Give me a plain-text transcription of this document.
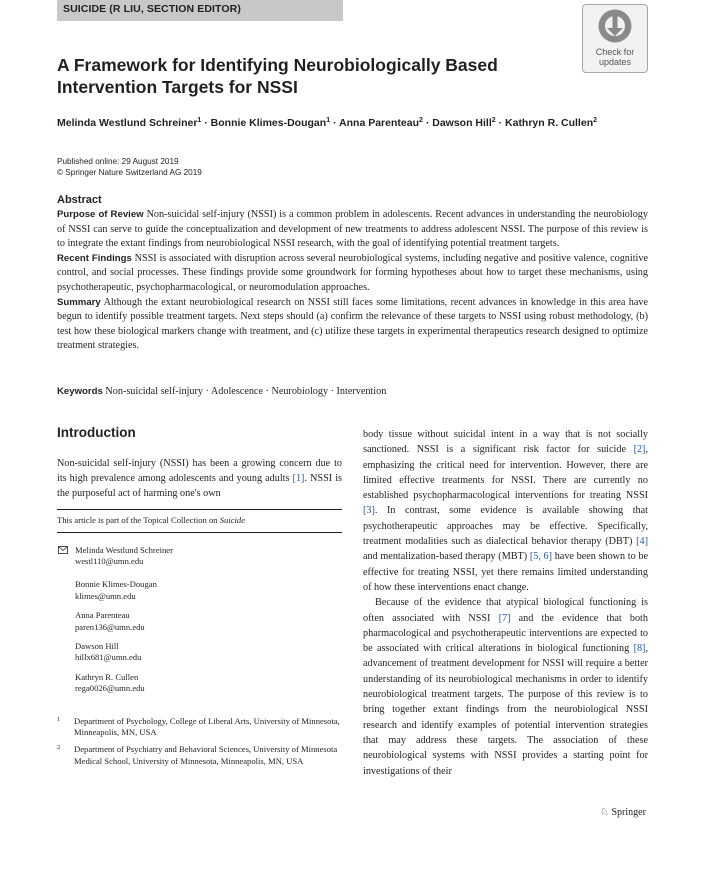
SUICIDE (R LIU, SECTION EDITOR)
Check for
updates
A Framework for Identifying Neurobiologically Based Intervention Targets for NSSI
Melinda Westlund Schreiner$^1$ · Bonnie Klimes-Dougan$^1$ · Anna Parenteau$^2$ · Dawson Hill$^2$ · Kathryn R. Cullen$^2$
Published online: 29 August 2019
© Springer Nature Switzerland AG 2019
Abstract
Purpose of Review Non-suicidal self-injury (NSSI) is a common problem in adolescents. Recent advances in understanding the neurobiology of NSSI can serve to guide the conceptualization and development of new treatments to address adolescent NSSI. The purpose of this review is to integrate the extant findings from neurobiological NSSI research, with the goal of identifying potential treatment targets.
Recent Findings NSSI is associated with disruption across several neurobiological systems, including negative and positive valence, cognitive control, and social processes. These findings provide some groundwork for forming hypotheses about how to target these mechanisms, using psychotherapeutic, psychopharmacological, or neuromodulation approaches.
Summary Although the extant neurobiological research on NSSI still faces some limitations, recent advances in knowledge in this area have begun to identify possible treatment targets. Next steps should (a) confirm the relevance of these targets to NSSI using robust methodology, (b) test how these biological markers change with treatment, and (c) utilize these targets in experimental therapeutics research designed to optimize treatment strategies.
Keywords Non-suicidal self-injury · Adolescence · Neurobiology · Intervention
Introduction
Non-suicidal self-injury (NSSI) has been a growing concern due to its high prevalence among adolescents and young adults [1]. NSSI is the purposeful act of harming one's own
This article is part of the Topical Collection on Suicide
Melinda Westlund Schreiner
westl110@umn.edu
Bonnie Klimes-Dougan
klimes@umn.edu
Anna Parenteau
paren136@umn.edu
Dawson Hill
hillx681@umn.edu
Kathryn R. Cullen
rega0026@umn.edu
1 Department of Psychology, College of Liberal Arts, University of Minnesota, Minneapolis, MN, USA
2 Department of Psychiatry and Behavioral Sciences, University of Minnesota Medical School, University of Minnesota, Minneapolis, MN, USA

body tissue without suicidal intent in a way that is not socially sanctioned. NSSI is a significant risk factor for suicide [2], emphasizing the critical need for intervention. However, there are limited effective treatments for NSSI. There are currently no established psychopharmacological interventions for treating NSSI [3]. In contrast, some evidence is available showing that psychotherapeutic approaches may be effective. Specifically, treatment modalities such as dialectical behavior therapy (DBT) [4] and mentalization-based therapy (MBT) [5, 6] have been shown to be effective for treating NSSI, yet there remains limited understanding of how these interventions enact change.

Because of the evidence that atypical biological functioning is often associated with NSSI [7] and the evidence that both pharmacological and psychotherapeutic interventions are expected to be associated with critical alterations in biological functioning [8], advancement of treatment development for NSSI will require a better understanding of its neurobiological mechanisms in order to identify neurobiological treatment targets. The purpose of this review is to bring together extant findings from the neurobiological NSSI research and identify examples of potential intervention strategies that may address these targets. The association of these neurobiological systems with NSSI provides a starting point for investigations of their

♘ Springer
